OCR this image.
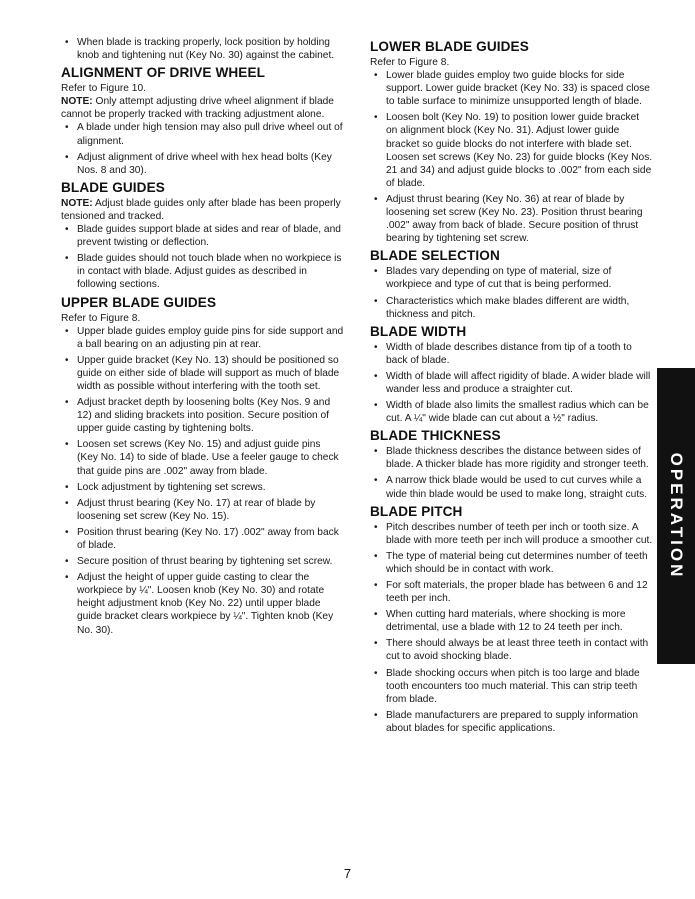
• When blade is tracking properly, lock position by holding knob and tightening nut (Key No. 30) against the cabinet.
ALIGNMENT OF DRIVE WHEEL

Refer to Figure 10.

NOTE: Only attempt adjusting drive wheel alignment if blade cannot be properly tracked with tracking adjustment alone.

• A blade under high tension may also pull drive wheel out of alignment.
• Adjust alignment of drive wheel with hex head bolts (Key Nos. 8 and 30).
BLADE GUIDES

NOTE: Adjust blade guides only after blade has been properly tensioned and tracked.

• Blade guides support blade at sides and rear of blade, and prevent twisting or deflection.
• Blade guides should not touch blade when no workpiece is in contact with blade. Adjust guides as described in following sections.
UPPER BLADE GUIDES

Refer to Figure 8.

• Upper blade guides employ guide pins for side support and a ball bearing on an adjusting pin at rear.
• Upper guide bracket (Key No. 13) should be positioned so guide on either side of blade will support as much of blade width as possible without interfering with the tooth set.
• Adjust bracket depth by loosening bolts (Key Nos. 9 and 12) and sliding brackets into position. Secure position of upper guide casting by tightening bolts.
• Loosen set screws (Key No. 15) and adjust guide pins (Key No. 14) to side of blade. Use a feeler gauge to check that guide pins are .002" away from blade.
• Lock adjustment by tightening set screws.
• Adjust thrust bearing (Key No. 17) at rear of blade by loosening set screw (Key No. 15).
• Position thrust bearing (Key No. 17) .002" away from back of blade.
• Secure position of thrust bearing by tightening set screw.
• Adjust the height of upper guide casting to clear the workpiece by ¼". Loosen knob (Key No. 30) and rotate height adjustment knob (Key No. 22) until upper blade guide bracket clears workpiece by ¼". Tighten knob (Key No. 30).
LOWER BLADE GUIDES

Refer to Figure 8.

• Lower blade guides employ two guide blocks for side support. Lower guide bracket (Key No. 33) is spaced close to table surface to minimize unsupported length of blade.
• Loosen bolt (Key No. 19) to position lower guide bracket on alignment block (Key No. 31). Adjust lower guide bracket so guide blocks do not interfere with blade set. Loosen set screws (Key No. 23) for guide blocks (Key Nos. 21 and 34) and adjust guide blocks to .002" from each side of blade.
• Adjust thrust bearing (Key No. 36) at rear of blade by loosening set screw (Key No. 23). Position thrust bearing .002" away from back of blade. Secure position of thrust bearing by tightening set screw.
BLADE SELECTION
• Blades vary depending on type of material, size of workpiece and type of cut that is being performed.
• Characteristics which make blades different are width, thickness and pitch.
BLADE WIDTH
• Width of blade describes distance from tip of a tooth to back of blade.
• Width of blade will affect rigidity of blade. A wider blade will wander less and produce a straighter cut.
• Width of blade also limits the smallest radius which can be cut. A ¼" wide blade can cut about a ½" radius.
BLADE THICKNESS
• Blade thickness describes the distance between sides of blade. A thicker blade has more rigidity and stronger teeth.
• A narrow thick blade would be used to cut curves while a wide thin blade would be used to make long, straight cuts.
BLADE PITCH
• Pitch describes number of teeth per inch or tooth size. A blade with more teeth per inch will produce a smoother cut.
• The type of material being cut determines number of teeth which should be in contact with work.
• For soft materials, the proper blade has between 6 and 12 teeth per inch.
• When cutting hard materials, where shocking is more detrimental, use a blade with 12 to 24 teeth per inch.
• There should always be at least three teeth in contact with cut to avoid shocking blade.
• Blade shocking occurs when pitch is too large and blade tooth encounters too much material. This can strip teeth from blade.
• Blade manufacturers are prepared to supply information about blades for specific applications.
OPERATION
7
